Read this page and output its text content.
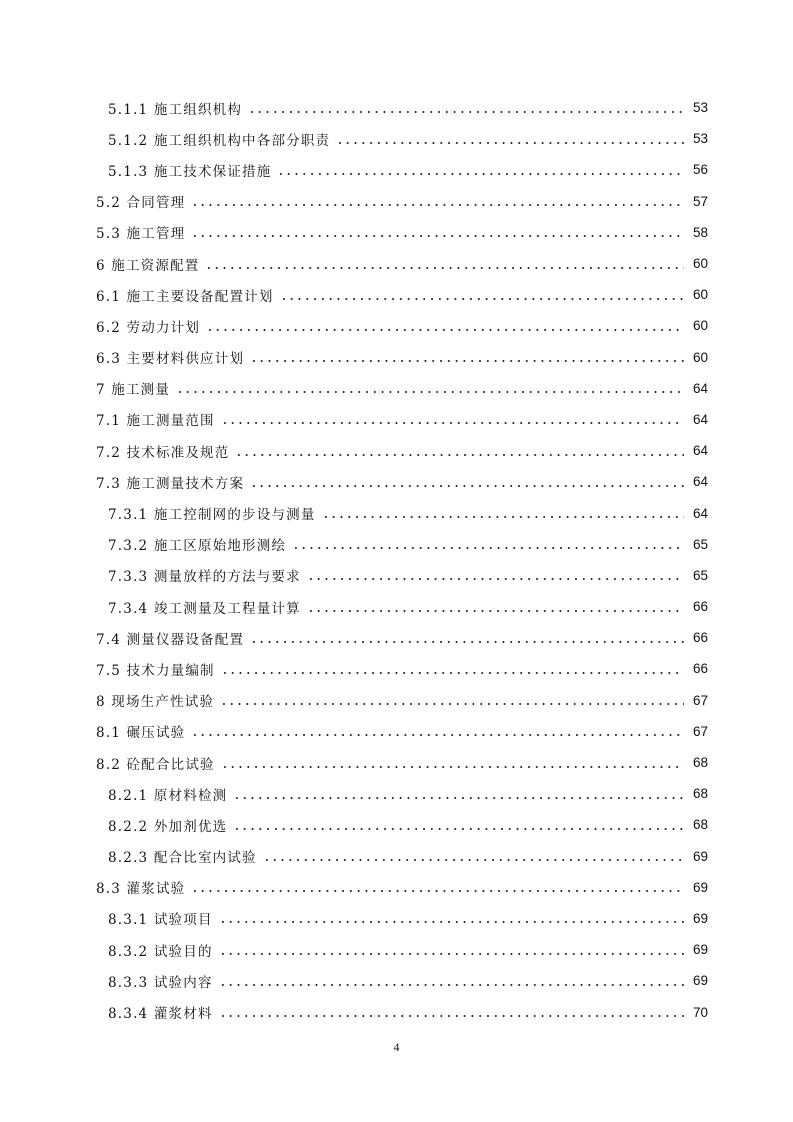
5.1.1 施工组织机构	53
5.1.2 施工组织机构中各部分职责	53
5.1.3 施工技术保证措施	56
5.2 合同管理	57
5.3 施工管理	58
6 施工资源配置	60
6.1 施工主要设备配置计划	60
6.2 劳动力计划	60
6.3 主要材料供应计划	60
7 施工测量	64
7.1 施工测量范围	64
7.2 技术标准及规范	64
7.3 施工测量技术方案	64
7.3.1 施工控制网的步设与测量	64
7.3.2 施工区原始地形测绘	65
7.3.3 测量放样的方法与要求	65
7.3.4 竣工测量及工程量计算	66
7.4 测量仪器设备配置	66
7.5 技术力量编制	66
8 现场生产性试验	67
8.1 碾压试验	67
8.2 砼配合比试验	68
8.2.1 原材料检测	68
8.2.2 外加剂优选	68
8.2.3 配合比室内试验	69
8.3 灌浆试验	69
8.3.1 试验项目	69
8.3.2 试验目的	69
8.3.3 试验内容	69
8.3.4 灌浆材料	70
4
